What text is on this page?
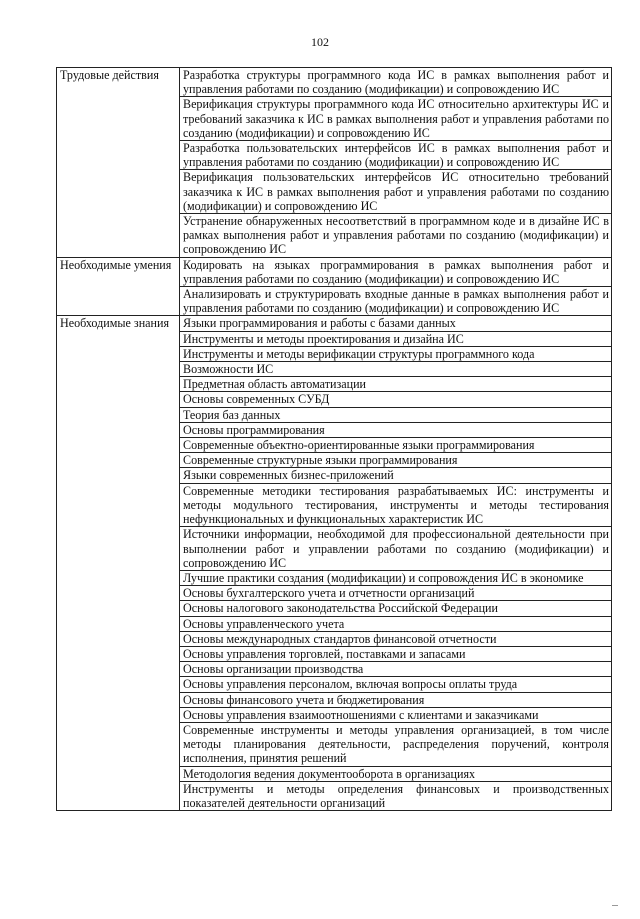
102
Трудовые действия	Разработка структуры программного кода ИС в рамках выполнения работ и управления работами по созданию (модификации) и сопровождению ИС
	Верификация структуры программного кода ИС относительно архитектуры ИС и требований заказчика к ИС в рамках выполнения работ и управления работами по созданию (модификации) и сопровождению ИС
	Разработка пользовательских интерфейсов ИС в рамках выполнения работ и управления работами по созданию (модификации) и сопровождению ИС
	Верификация пользовательских интерфейсов ИС относительно требований заказчика к ИС в рамках выполнения работ и управления работами по созданию (модификации) и сопровождению ИС
	Устранение обнаруженных несоответствий в программном коде и в дизайне ИС в рамках выполнения работ и управления работами по созданию (модификации) и сопровождению ИС
Необходимые умения	Кодировать на языках программирования в рамках выполнения работ и управления работами по созданию (модификации) и сопровождению ИС
	Анализировать и структурировать входные данные в рамках выполнения работ и управления работами по созданию (модификации) и сопровождению ИС
Необходимые знания	Языки программирования и работы с базами данных
	Инструменты и методы проектирования и дизайна ИС
	Инструменты и методы верификации структуры программного кода
	Возможности ИС
	Предметная область автоматизации
	Основы современных СУБД
	Теория баз данных
	Основы программирования
	Современные объектно-ориентированные языки программирования
	Современные структурные языки программирования
	Языки современных бизнес-приложений
	Современные методики тестирования разрабатываемых ИС: инструменты и методы модульного тестирования, инструменты и методы тестирования нефункциональных и функциональных характеристик ИС
	Источники информации, необходимой для профессиональной деятельности при выполнении работ и управлении работами по созданию (модификации) и сопровождению ИС
	Лучшие практики создания (модификации) и сопровождения ИС в экономике
	Основы бухгалтерского учета и отчетности организаций
	Основы налогового законодательства Российской Федерации
	Основы управленческого учета
	Основы международных стандартов финансовой отчетности
	Основы управления торговлей, поставками и запасами
	Основы организации производства
	Основы управления персоналом, включая вопросы оплаты труда
	Основы финансового учета и бюджетирования
	Основы управления взаимоотношениями с клиентами и заказчиками
	Современные инструменты и методы управления организацией, в том числе методы планирования деятельности, распределения поручений, контроля исполнения, принятия решений
	Методология ведения документооборота в организациях
	Инструменты и методы определения финансовых и производственных показателей деятельности организаций
